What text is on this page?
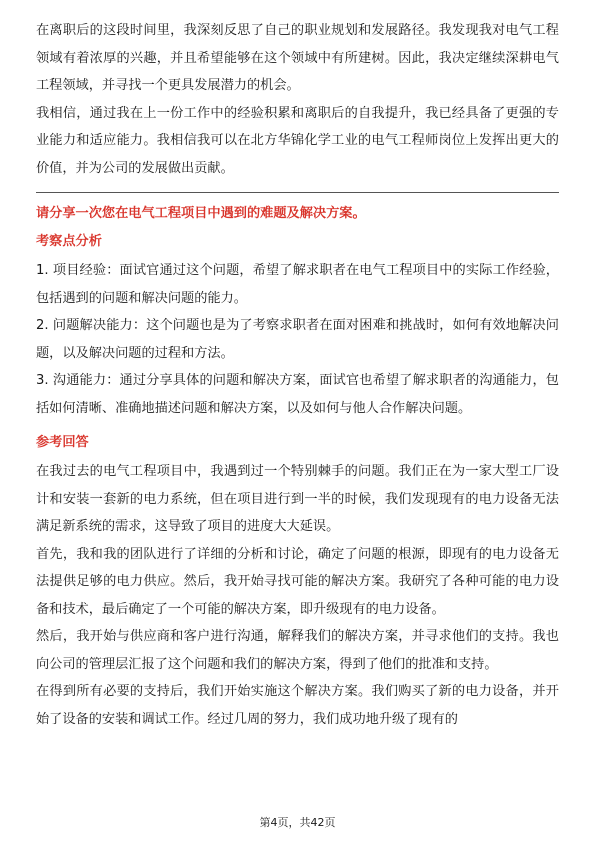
在离职后的这段时间里，我深刻反思了自己的职业规划和发展路径。我发现我对电气工程领域有着浓厚的兴趣，并且希望能够在这个领域中有所建树。因此，我决定继续深耕电气工程领域，并寻找一个更具发展潜力的机会。

我相信，通过我在上一份工作中的经验积累和离职后的自我提升，我已经具备了更强的专业能力和适应能力。我相信我可以在北方华锦化学工业的电气工程师岗位上发挥出更大的价值，并为公司的发展做出贡献。

请分享一次您在电气工程项目中遇到的难题及解决方案。

考察点分析

1. 项目经验：面试官通过这个问题，希望了解求职者在电气工程项目中的实际工作经验，包括遇到的问题和解决问题的能力。

2. 问题解决能力：这个问题也是为了考察求职者在面对困难和挑战时，如何有效地解决问题，以及解决问题的过程和方法。

3. 沟通能力：通过分享具体的问题和解决方案，面试官也希望了解求职者的沟通能力，包括如何清晰、准确地描述问题和解决方案，以及如何与他人合作解决问题。

参考回答

在我过去的电气工程项目中，我遇到过一个特别棘手的问题。我们正在为一家大型工厂设计和安装一套新的电力系统，但在项目进行到一半的时候，我们发现现有的电力设备无法满足新系统的需求，这导致了项目的进度大大延误。

首先，我和我的团队进行了详细的分析和讨论，确定了问题的根源，即现有的电力设备无法提供足够的电力供应。然后，我开始寻找可能的解决方案。我研究了各种可能的电力设备和技术，最后确定了一个可能的解决方案，即升级现有的电力设备。

然后，我开始与供应商和客户进行沟通，解释我们的解决方案，并寻求他们的支持。我也向公司的管理层汇报了这个问题和我们的解决方案，得到了他们的批准和支持。

在得到所有必要的支持后，我们开始实施这个解决方案。我们购买了新的电力设备，并开始了设备的安装和调试工作。经过几周的努力，我们成功地升级了现有的

第4页，共42页
